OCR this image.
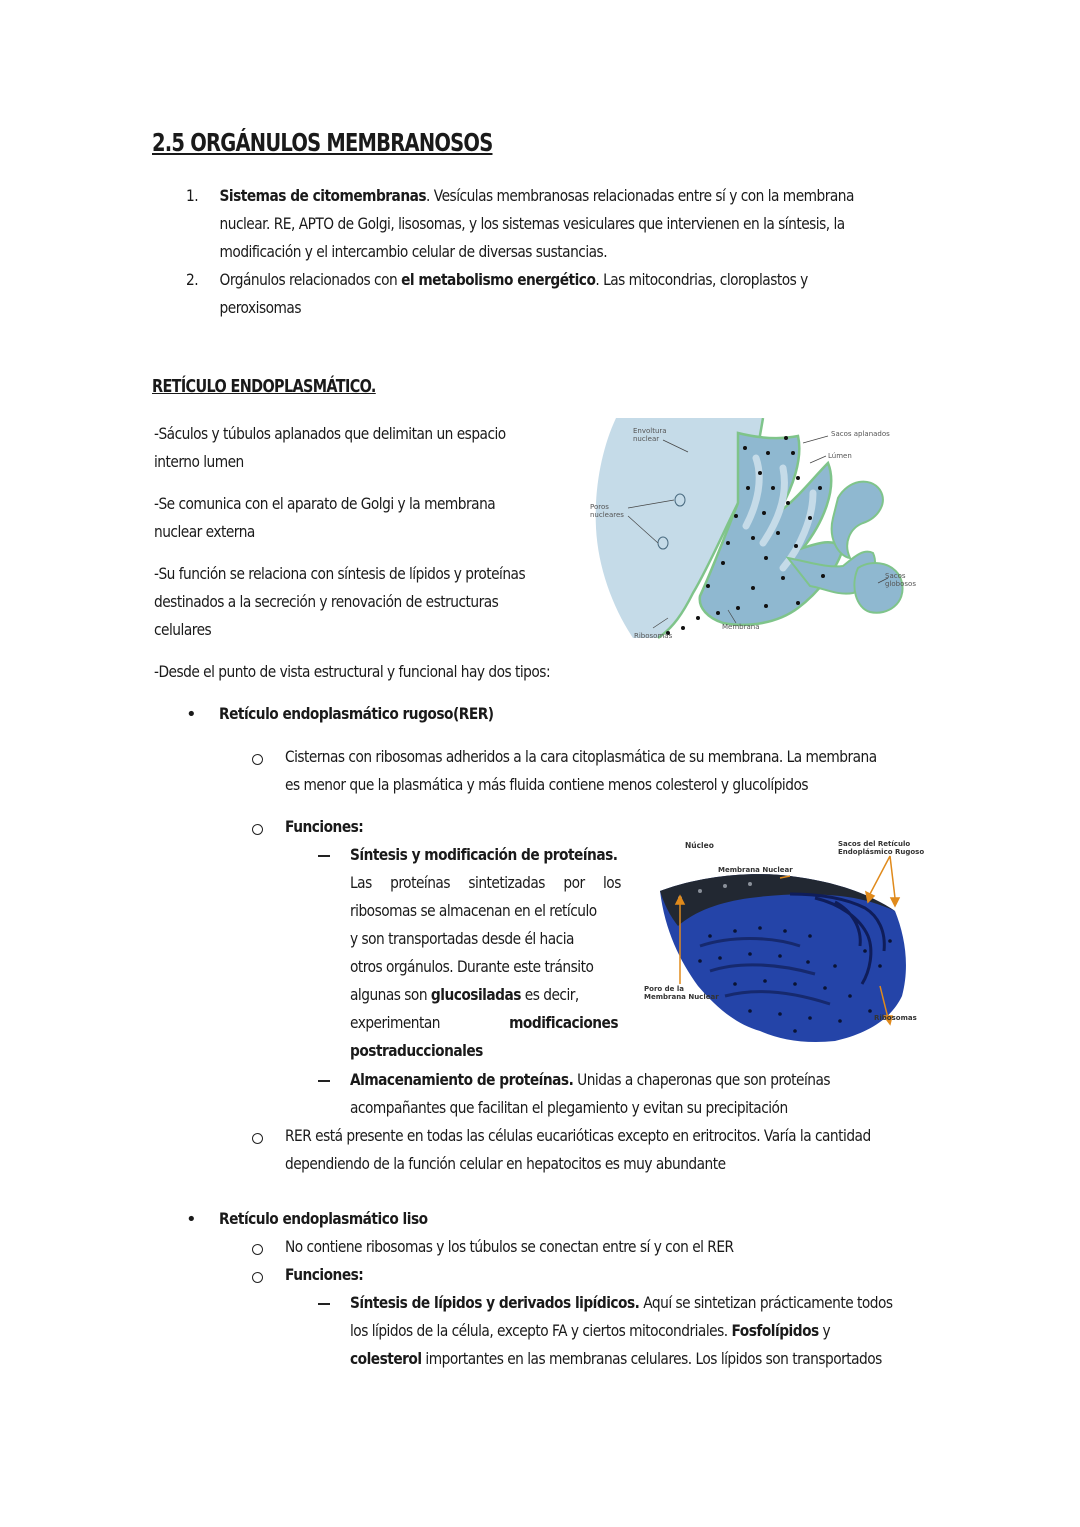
2.5 ORGÁNULOS MEMBRANOSOS
1. Sistemas de citomembranas. Vesículas membranosas relacionadas entre sí y con la membrana
nuclear. RE, APTO de Golgi, lisosomas, y los sistemas vesiculares que intervienen en la síntesis, la
modificación y el intercambio celular de diversas sustancias.
2. Orgánulos relacionados con el metabolismo energético. Las mitocondrias, cloroplastos y
peroxisomas
RETÍCULO ENDOPLASMÁTICO.
-Sáculos y túbulos aplanados que delimitan un espacio
interno lumen
-Se comunica con el aparato de Golgi y la membrana
nuclear externa
-Su función se relaciona con síntesis de lípidos y proteínas
destinados a la secreción y renovación de estructuras
celulares
-Desde el punto de vista estructural y funcional hay dos tipos:
Envoltura
nuclear
Sacos aplanados
Lúmen
Poros
nucleares
Sacos
globosos
Membrana
Ribosomas
• Retículo endoplasmático rugoso(RER)
Cisternas con ribosomas adheridos a la cara citoplasmática de su membrana. La membrana
es menor que la plasmática y más fluida contiene menos colesterol y glucolípidos
Funciones:
Síntesis y modificación de proteínas.
Las proteínas sintetizadas por los
ribosomas se almacenan en el retículo
y son transportadas desde él hacia
otros orgánulos. Durante este tránsito
algunas son glucosiladas es decir,
experimentan	modificaciones
postraduccionales
Núcleo	Sacos del Retículo
Endoplásmico Rugoso
Membrana Nuclear
Poro de la
Membrana Nuclear
Ribosomas
Almacenamiento de proteínas. Unidas a chaperonas que son proteínas
acompañantes que facilitan el plegamiento y evitan su precipitación
RER está presente en todas las células eucarióticas excepto en eritrocitos. Varía la cantidad
dependiendo de la función celular en hepatocitos es muy abundante
• Retículo endoplasmático liso
No contiene ribosomas y los túbulos se conectan entre sí y con el RER
Funciones:
Síntesis de lípidos y derivados lipídicos. Aquí se sintetizan prácticamente todos
los lípidos de la célula, excepto FA y ciertos mitocondriales. Fosfolípidos y
colesterol importantes en las membranas celulares. Los lípidos son transportados
